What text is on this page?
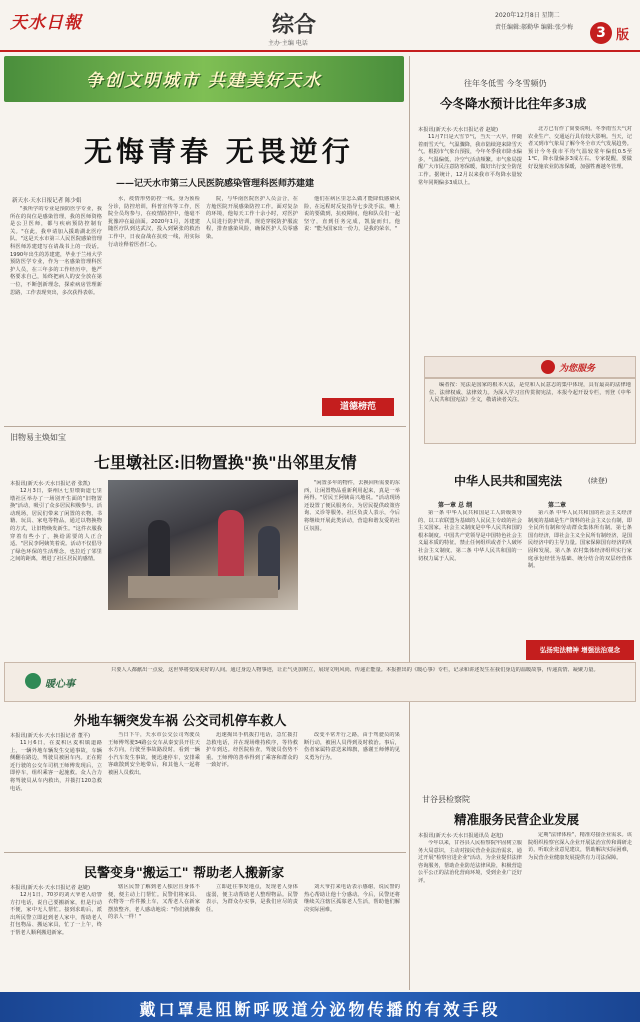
天水日報	综合
主办·主编 电话
2020年12月8日 星期二
责任编辑:郝勤华 编辑:张少梅	3 版
争创文明城市 共建美好天水
无悔青春 无畏逆行
——记天水市第三人民医院感染管理科医师苏建建
新天水·天水日报记者 陈少娟

"我所学的专业是预防医学专业，我所在的岗位是感染管理，我的医师资格是公卫医师，都与疾病预防控制有关。"在此，我申请加入援助湖北医疗队。"这是天水市第三人民医院感染管理科医师苏建建写在请战书上的一段话。1990年出生的苏建建，毕业于兰州大学预防医学专业，作为一名感染管理科医护人员，在三年多的工作经历中，他严格要求自己，始终把病人的安全放在第一位，不断创新理念，探索病房管理新思路，工作表现突出，多次获得表彰。

水，疫情形势防控一线。身为预检分诊，防控培训，科普宣传等工作，医院全员均参与，在疫情防控中，他毫不犹豫冲在最前面。2020年1月，苏建建随医疗队到达武汉，投入到紧张的救治工作中，日夜奋战在抗疫一线，用实际行动诠释着医者仁心。

院，与华南医院医护人员会合，在方舱医院开展感染防控工作。面对复杂的环境，他每天工作十余小时，对医护人员进行防护培训，规范穿脱防护服流程，排查感染风险，确保医护人员零感染。

他们在病区里怎么做才能降低感染风险，在远程时反复指导七步洗手法，嘴上说的要做到，抗疫期间，他和队员们一起坚守，直到任务完成，凯旋而归。他说："能为国家出一份力，是我的荣幸。"

道德榜范
往年冬低雪 今冬雪频仍
今冬降水预计比往年多3成
本报讯(新天水·天水日报记者 赵婕)

11月7日是大雪节气，当天一大早，伴随着雨雪天气，气温骤降，我市陆续迎来降雪天气。根据市气象台预报，今年冬季我市降水偏多，气温偏低，冷空气活动频繁。市气象局提醒广大市民注意防寒保暖，做好出行安全防范工作。据统计，12月以来我市平均降水量较常年同期偏多3成以上。

北方已有作了简要说明。冬季雨雪天气对农业生产、交通运行具有较大影响。当天，记者又到市气象局了解今冬全市天气发展趋势。预计今冬我市平均气温较常年偏低0.5至1℃，降水量偏多3成左右。专家提醒，要做好设施农业防冻保暖，加强牲畜越冬管理。

为您服务

编者按：宪法是国家的根本大法，是党和人民意志的集中体现，具有最高的法律地位、法律权威、法律效力。为深入学习宣传贯彻宪法，本报今起开设专栏，刊登《中华人民共和国宪法》全文，敬请读者关注。

中华人民共和国宪法	(续登)
第一章 总 纲

第一条 中华人民共和国是工人阶级领导的、以工农联盟为基础的人民民主专政的社会主义国家。社会主义制度是中华人民共和国的根本制度。中国共产党领导是中国特色社会主义最本质的特征。禁止任何组织或者个人破坏社会主义制度。第二条 中华人民共和国的一切权力属于人民。

第二章

第六条 中华人民共和国的社会主义经济制度的基础是生产资料的社会主义公有制，即全民所有制和劳动群众集体所有制。第七条 国有经济，即社会主义全民所有制经济，是国民经济中的主导力量。国家保障国有经济的巩固和发展。第八条 农村集体经济组织实行家庭承包经营为基础、统分结合的双层经营体制。

弘扬宪法精神 增强法治观念
旧物易主焕如宝
七里墩社区:旧物置换"换"出邻里友情
本报讯(新天水·天水日报记者 张凯)

12月3日，秦州区七里墩街道七里墩社区举办了一场别开生面的"旧物置换"活动，吸引了众多居民积极参与。活动现场，居民们带来了闲置的衣物、书籍、玩具、家电等物品，通过以物换物的方式，让旧物焕发新生。"这件衣服我穿着有些小了，换给需要的人正合适。"居民李阿姨笑着说。活动不仅倡导了绿色环保的生活理念，也拉近了邻里之间的距离，增进了社区居民的感情。

"闲置多年的物件，去换回所需要的东西，让闲置物品重新利用起来，真是一举两得。"居民王阿姨高兴地说。"活动现场还设置了便民服务台，为居民提供政策咨询、义诊等服务。社区负责人表示，今后将继续开展此类活动，营造和谐友爱的社区氛围。

暖心事

只要人人都献出一点爱，这世界将变成美好的人间。通过身边人物事迹，让正气更加树立，展现文明风尚、传递正能量。本报推出的《暖心事》专栏，记录和讲述发生在我们身边的温暖故事，传递真情、凝聚力量。

外地车辆突发车祸 公交司机停车救人
本报讯(新天水·天水日报记者 董平)

11月6日，在麦积区麦积镇道路上，一辆外地车辆发生交通事故，车辆侧翻在路边，驾驶员被困车内。正在附近行驶的公交车司机王师傅发现后，立即停车，组织乘客一起施救。众人合力将驾驶员从车内救出，并拨打120急救电话。

当日下午，天水市公交公司驾驶员王师傅驾驶34路公交车从秦安县开往天水方向，行驶至事故路段时，看到一辆小汽车发生事故，便迅速停车，安排乘客疏散到安全地带后，和其他人一起将被困人员救出。

迅速掏出手机拨打电话，急忙拨打急救电话，并在现场维持秩序，等待救护车到达。经医院检查，驾驶员伤势不重。王师傅的善举得到了乘客和群众的一致好评。

改变平常开行之路，由于驾驶员的果断行动，被困人员得到及时救治。事后，伤者家属特意送来锦旗，感谢王师傅的见义勇为行为。

民警变身"搬运工" 帮助老人搬新家
本报讯(新天水·天水日报记者 赵婕)

12月1日，70岁的刘大爷老人给警方打电话，说自己要搬新家，但是行动不便，家中无人帮忙。接到求助后，派出所民警立即赶到老人家中，帮助老人打包物品、搬运家具，忙了一上午，终于帮老人顺利搬进新家。

辖区民警了解到老人独居且身体不便，便主动上门帮忙。民警们将家具、衣物等一件件搬上车，又帮老人在新家摆放整齐，老人感动地说："你们就像我的亲人一样！"

立即赶往事发地点，发现老人身体虚弱，便主动帮助老人整理物品。民警表示，为群众办实事，是我们应尽的责任。

刘大爷打来电话表示感谢，说民警的热心帮助让他十分感动。今后，民警还将继续关注辖区孤寡老人生活，帮助他们解决实际困难。

甘谷县检察院
精准服务民营企业发展
本报讯(新天水·天水日报通讯员 赵旭)

今年以来，甘谷县人民检察院牢固树立服务大局意识，主动对接民营企业法治需求，通过开展"检察官进企业"活动，为企业提供法律咨询服务，帮助企业防范法律风险，积极营造公平公正的法治化营商环境，受到企业广泛好评。

定期"法律体检"，精准对接企业需求。该院组织检察官深入企业开展法治宣传和调研走访，听取企业意见建议，帮助解决实际困难，为民营企业健康发展提供有力司法保障。

戴口罩是阻断呼吸道分泌物传播的有效手段
